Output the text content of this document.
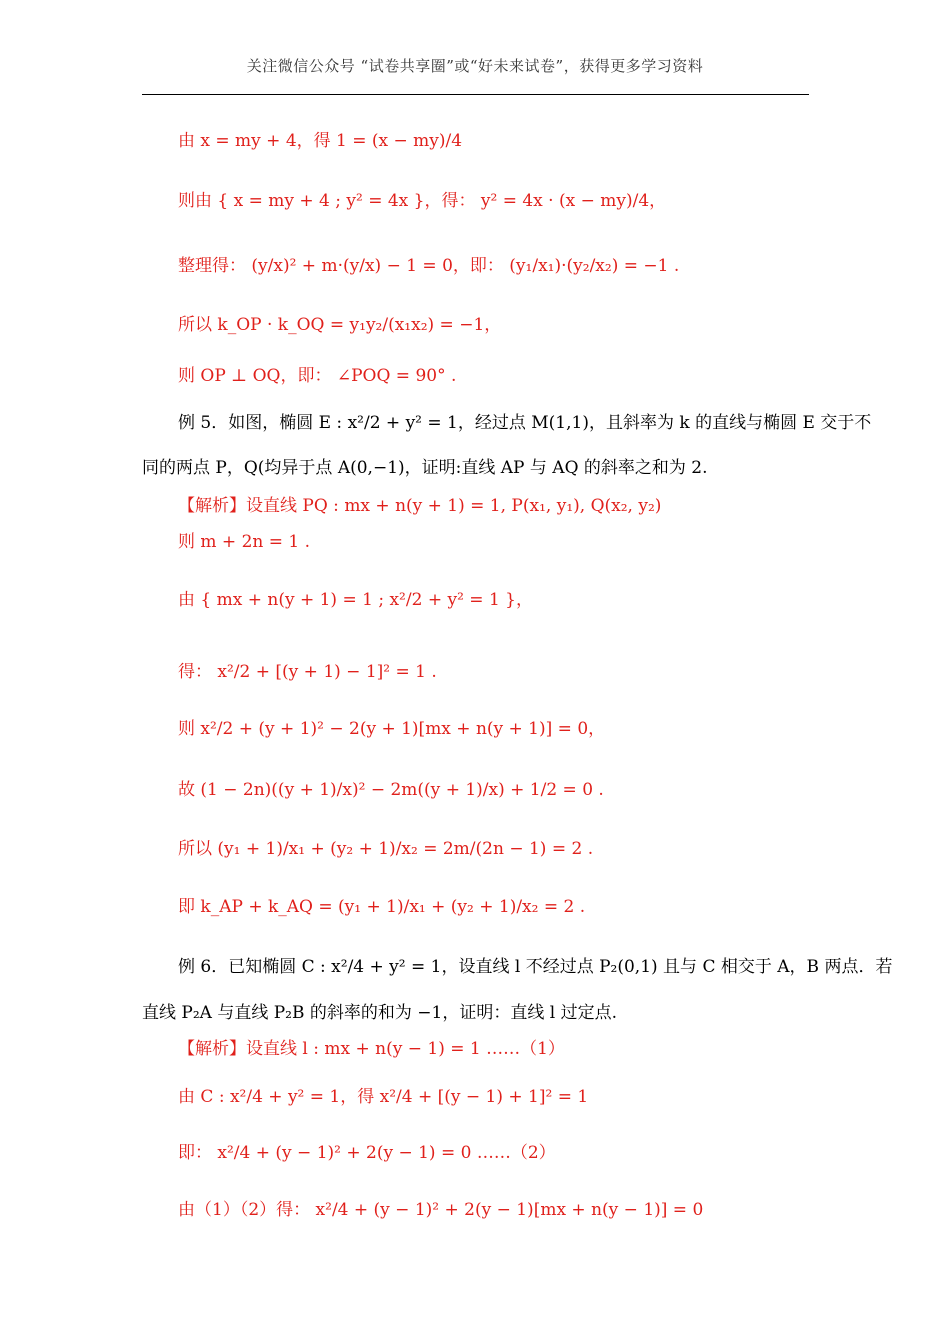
关注微信公众号 “试卷共享圈”或“好未来试卷”，获得更多学习资料
由 x = my + 4，得 1 = (x − my)/4
则由 { x = my + 4 ; y² = 4x }，得： y² = 4x · (x − my)/4，
整理得： (y/x)² + m·(y/x) − 1 = 0，即： (y₁/x₁)·(y₂/x₂) = −1 .
所以 k_OP · k_OQ = y₁y₂/(x₁x₂) = −1，
则 OP ⊥ OQ，即： ∠POQ = 90° .
例 5．如图，椭圆 E : x²/2 + y² = 1，经过点 M(1,1)，且斜率为 k 的直线与椭圆 E 交于不
同的两点 P，Q(均异于点 A(0,−1)，证明:直线 AP 与 AQ 的斜率之和为 2.
【解析】设直线 PQ : mx + n(y + 1) = 1, P(x₁, y₁), Q(x₂, y₂)
则 m + 2n = 1 .
由 { mx + n(y + 1) = 1 ; x²/2 + y² = 1 }，
得： x²/2 + [(y + 1) − 1]² = 1 .
则 x²/2 + (y + 1)² − 2(y + 1)[mx + n(y + 1)] = 0，
故 (1 − 2n)((y + 1)/x)² − 2m((y + 1)/x) + 1/2 = 0 .
所以 (y₁ + 1)/x₁ + (y₂ + 1)/x₂ = 2m/(2n − 1) = 2 .
即 k_AP + k_AQ = (y₁ + 1)/x₁ + (y₂ + 1)/x₂ = 2 .
例 6．已知椭圆 C : x²/4 + y² = 1，设直线 l 不经过点 P₂(0,1) 且与 C 相交于 A，B 两点．若
直线 P₂A 与直线 P₂B 的斜率的和为 −1，证明：直线 l 过定点.
【解析】设直线 l : mx + n(y − 1) = 1 ……（1）
由 C : x²/4 + y² = 1，得 x²/4 + [(y − 1) + 1]² = 1
即： x²/4 + (y − 1)² + 2(y − 1) = 0 ……（2）
由（1）（2）得： x²/4 + (y − 1)² + 2(y − 1)[mx + n(y − 1)] = 0
